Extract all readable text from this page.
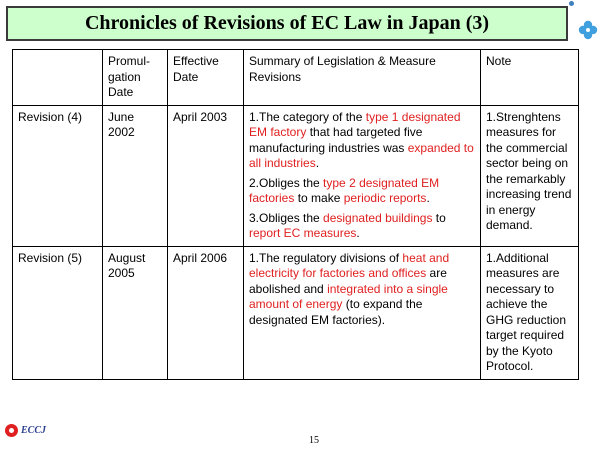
Chronicles of Revisions of EC Law in Japan (3)
	Promul-gation Date	Effective Date	Summary of Legislation & Measure Revisions	Note
Revision (4)	June 2002	April 2003	1.The category of the type 1 designated EM factory that had targeted five manufacturing industries was expanded to all industries.

2.Obliges the type 2 designated EM factories to make periodic reports.

3.Obliges the designated buildings to report EC measures.	1.Strenghtens measures for the commercial sector being on the remarkably increasing trend in energy demand.
Revision (5)	August 2005	April 2006	1.The regulatory divisions of heat and electricity for factories and offices are abolished and integrated into a single amount of energy (to expand the designated EM factories).	1.Additional measures are necessary to achieve the GHG reduction target required by the Kyoto Protocol.
ECCJ
15
